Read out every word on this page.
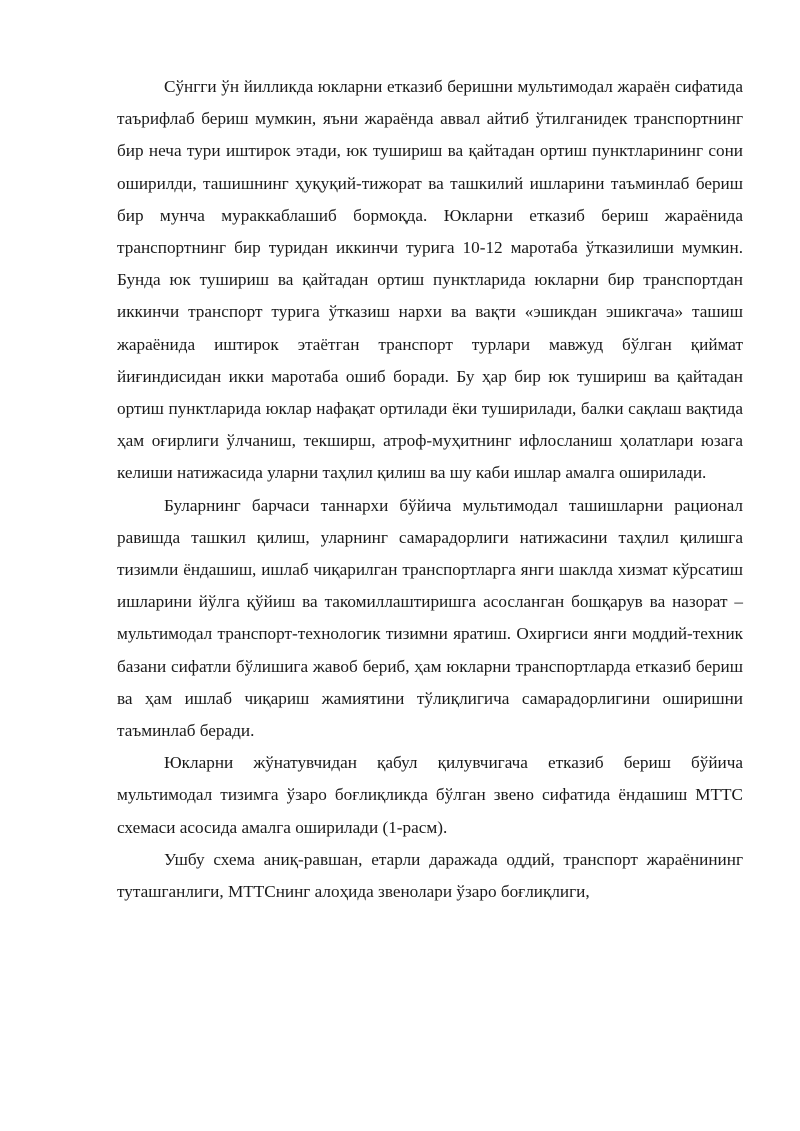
Сўнгги ўн йилликда юкларни етказиб беришни мультимодал жараён сифатида таърифлаб бериш мумкин, яъни жараёнда аввал айтиб ўтилганидек транспортнинг бир неча тури иштирок этади, юк тушириш ва қайтадан ортиш пунктларининг сони оширилди, ташишнинг ҳуқуқий-тижорат ва ташкилий ишларини таъминлаб бериш бир мунча мураккаблашиб бормоқда. Юкларни етказиб бериш жараёнида транспортнинг бир туридан иккинчи турига 10-12 маротаба ўтказилиши мумкин. Бунда юк тушириш ва қайтадан ортиш пунктларида юкларни бир транспортдан иккинчи транспорт турига ўтказиш нархи ва вақти «эшикдан эшикгача» ташиш жараёнида иштирок этаётган транспорт турлари мавжуд бўлган қиймат йиғиндисидан икки маротаба ошиб боради. Бу ҳар бир юк тушириш ва қайтадан ортиш пунктларида юклар нафақат ортилади ёки туширилади, балки сақлаш вақтида ҳам оғирлиги ўлчаниш, текширш, атроф-муҳитнинг ифлосланиш ҳолатлари юзага келиши натижасида уларни таҳлил қилиш ва шу каби ишлар амалга оширилади.

Буларнинг барчаси таннархи бўйича мультимодал ташишларни рационал равишда ташкил қилиш, уларнинг самарадорлиги натижасини таҳлил қилишга тизимли ёндашиш, ишлаб чиқарилган транспортларга янги шаклда хизмат кўрсатиш ишларини йўлга қўйиш ва такомиллаштиришга асосланган бошқарув ва назорат – мультимодал транспорт-технологик тизимни яратиш. Охиргиси янги моддий-техник базани сифатли бўлишига жавоб бериб, ҳам юкларни транспортларда етказиб бериш ва ҳам ишлаб чиқариш жамиятини тўлиқлигича самарадорлигини оширишни таъминлаб беради.

Юкларни жўнатувчидан қабул қилувчигача етказиб бериш бўйича мультимодал тизимга ўзаро боғлиқликда бўлган звено сифатида ёндашиш МТТС схемаси асосида амалга оширилади (1-расм).

Ушбу схема аниқ-равшан, етарли даражада оддий, транспорт жараёнининг туташганлиги, МТТСнинг алоҳида звенолари ўзаро боғлиқлиги,
